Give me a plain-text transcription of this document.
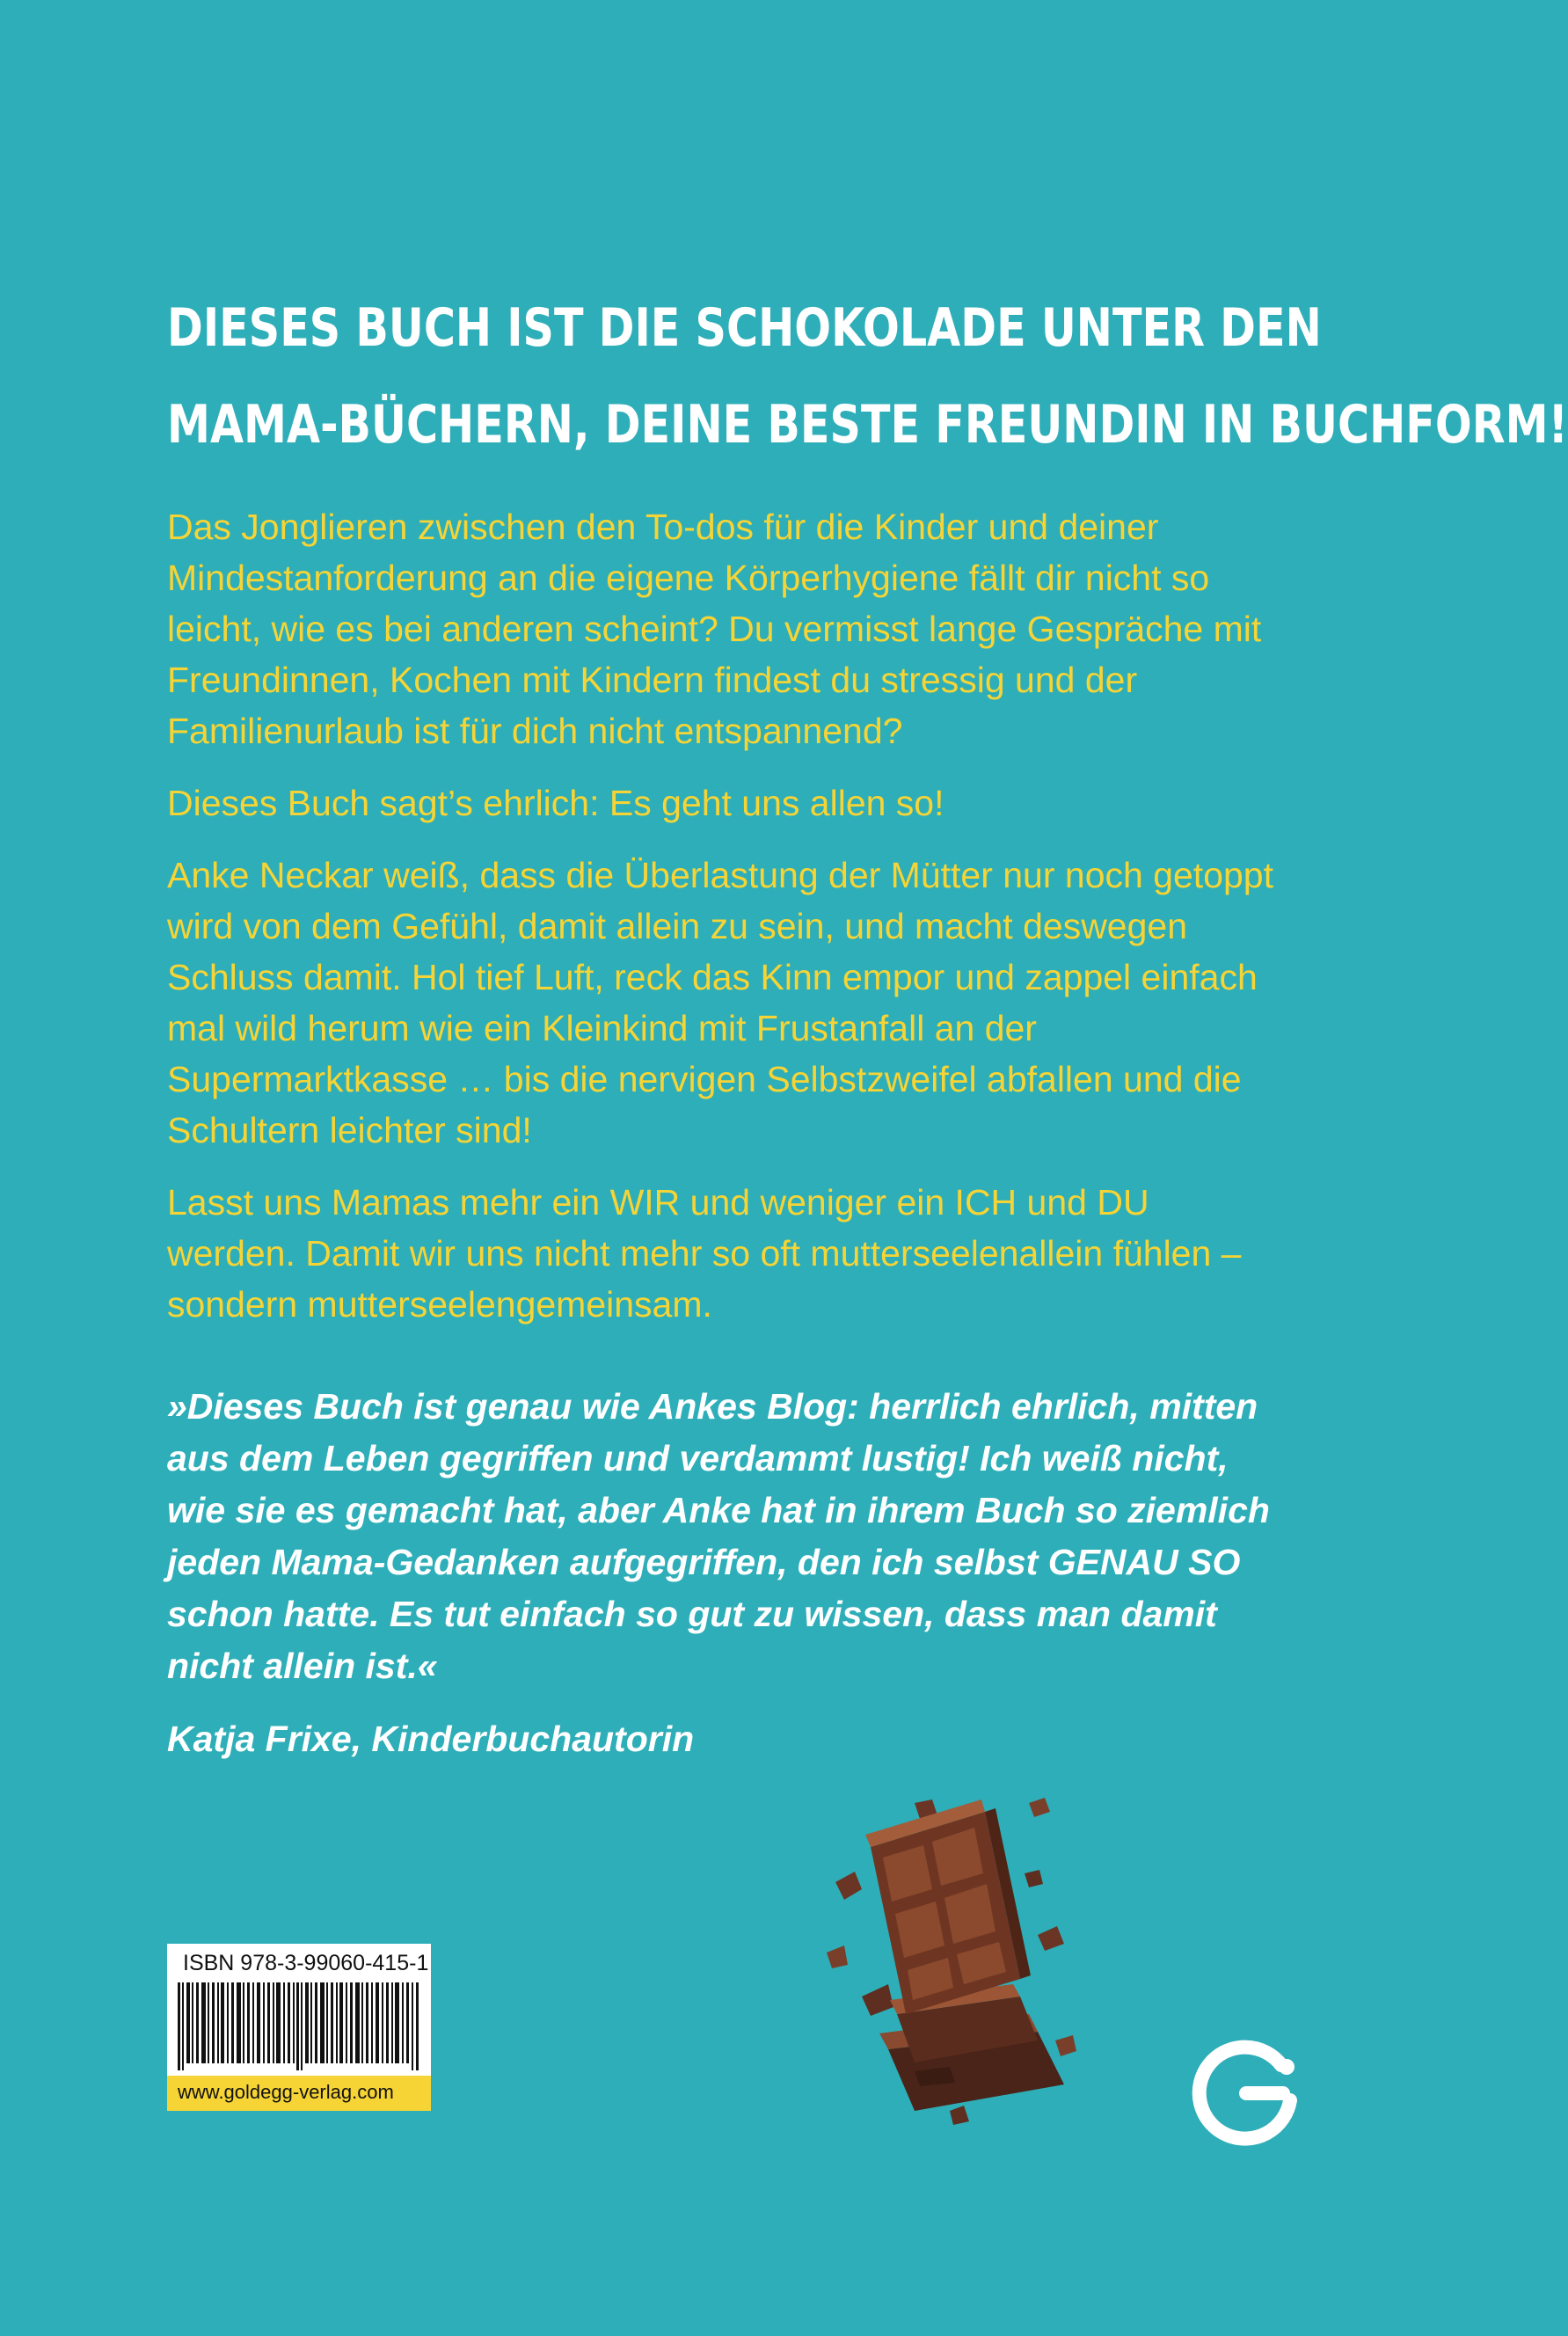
DIESES BUCH IST DIE SCHOKOLADE UNTER DEN
MAMA-BÜCHERN, DEINE BESTE FREUNDIN IN BUCHFORM!

Das Jonglieren zwischen den To-dos für die Kinder und deiner Mindestanforderung an die eigene Körperhygiene fällt dir nicht so leicht, wie es bei anderen scheint? Du vermisst lange Gespräche mit Freundinnen, Kochen mit Kindern findest du stressig und der Familienurlaub ist für dich nicht entspannend?

Dieses Buch sagt’s ehrlich: Es geht uns allen so!

Anke Neckar weiß, dass die Überlastung der Mütter nur noch getoppt wird von dem Gefühl, damit allein zu sein, und macht deswegen Schluss damit. Hol tief Luft, reck das Kinn empor und zappel einfach mal wild herum wie ein Kleinkind mit Frustanfall an der Supermarktkasse … bis die nervigen Selbstzweifel abfallen und die Schultern leichter sind!

Lasst uns Mamas mehr ein WIR und weniger ein ICH und DU werden. Damit wir uns nicht mehr so oft mutterseelenallein fühlen – sondern mutterseelengemeinsam.

»Dieses Buch ist genau wie Ankes Blog: herrlich ehrlich, mitten aus dem Leben gegriffen und verdammt lustig! Ich weiß nicht, wie sie es gemacht hat, aber Anke hat in ihrem Buch so ziemlich jeden Mama-Gedanken aufgegriffen, den ich selbst GENAU SO schon hatte. Es tut einfach so gut zu wissen, dass man damit nicht allein ist.«

Katja Frixe, Kinderbuchautorin

ISBN 978-3-99060-415-1
www.goldegg-verlag.com
